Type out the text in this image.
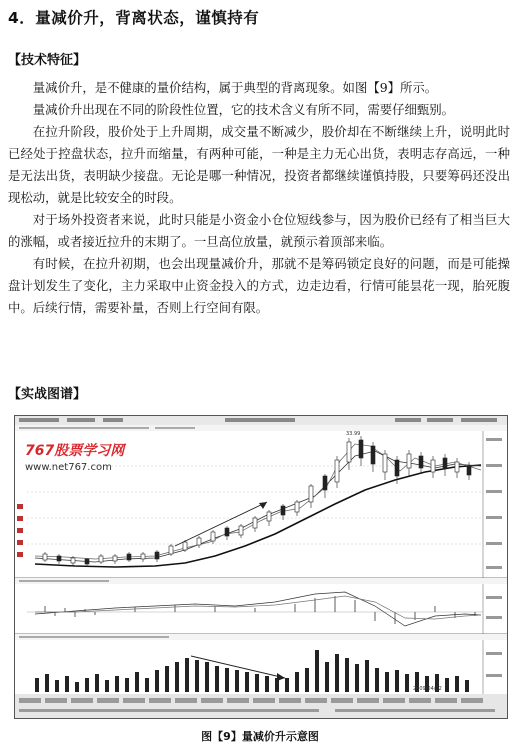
4．量减价升，背离状态，谨慎持有
【技术特征】

量减价升，是不健康的量价结构，属于典型的背离现象。如图【9】所示。

量减价升出现在不同的阶段性位置，它的技术含义有所不同，需要仔细甄别。

在拉升阶段，股价处于上升周期，成交量不断减少，股价却在不断继续上升，说明此时已经处于控盘状态，拉升而缩量，有两种可能，一种是主力无心出货，表明志存高远，一种是无法出货，表明缺少接盘。无论是哪一种情况，投资者都继续谨慎持股，只要筹码还没出现松动，就是比较安全的时段。

对于场外投资者来说，此时只能是小资金小仓位短线参与，因为股价已经有了相当巨大的涨幅，或者接近拉升的末期了。一旦高位放量，就预示着顶部来临。

有时候，在拉升初期，也会出现量减价升，那就不是筹码锁定良好的问题，而是可能操盘计划发生了变化，主力采取中止资金投入的方式，边走边看，行情可能昙花一现，胎死腹中。后续行情，需要补量，否则上行空间有限。

【实战图谱】
33.99
2009/04/22
767股票学习网
www.net767.com
图【9】量减价升示意图
